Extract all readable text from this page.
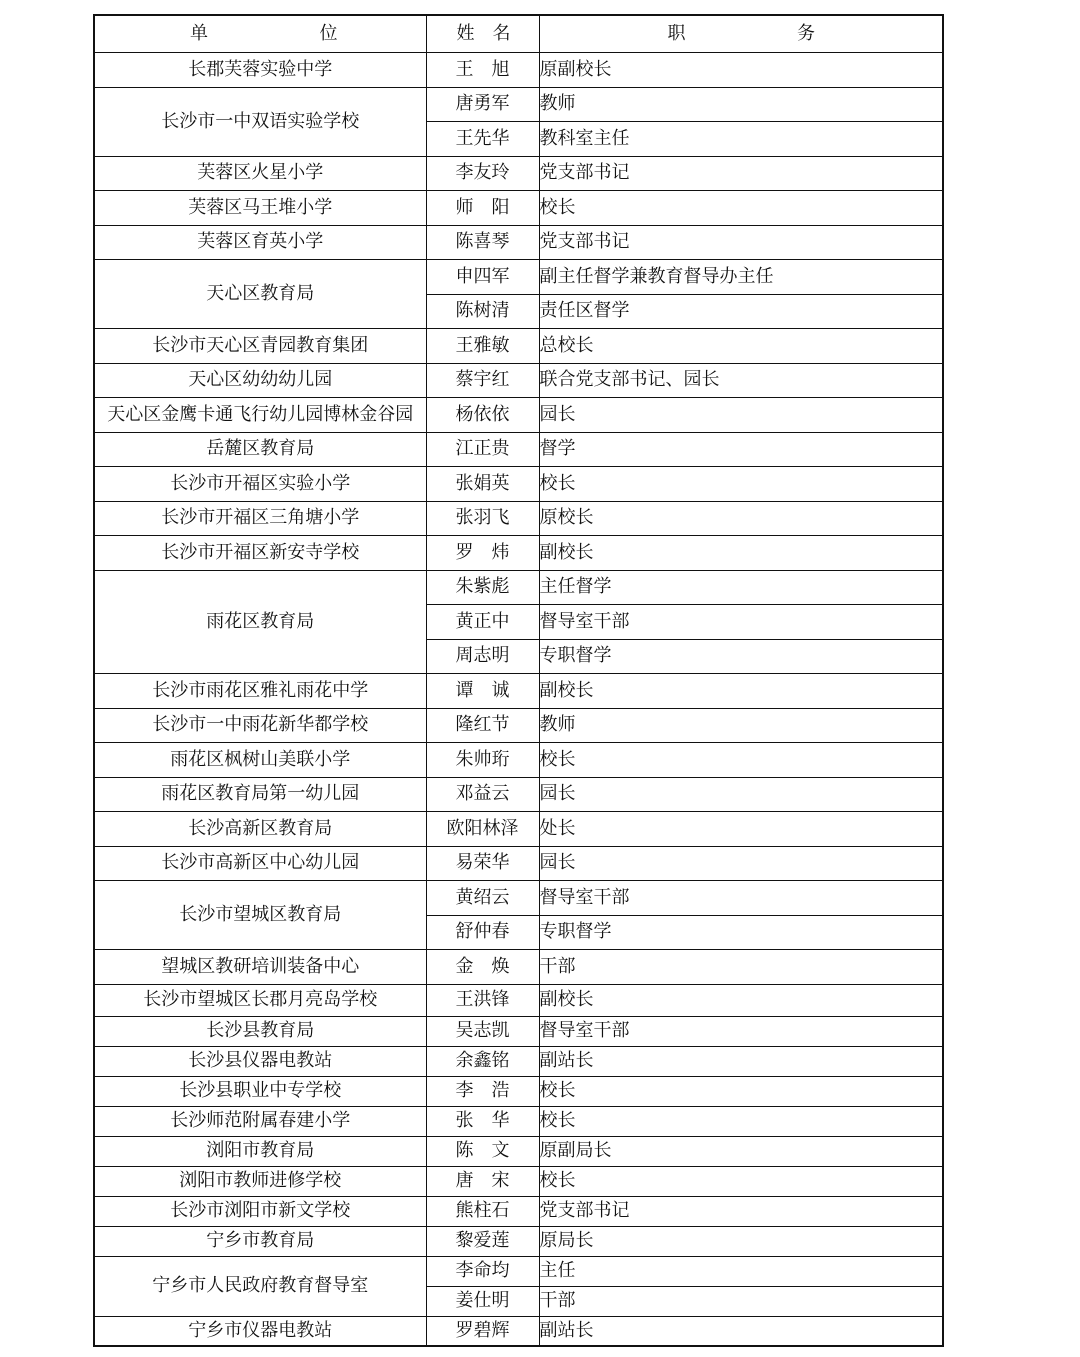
单 位	姓 名	职 务

长郡芙蓉实验中学	王　旭	原副校长
长沙市一中双语实验学校	唐勇军	教师
	王先华	教科室主任
芙蓉区火星小学	李友玲	党支部书记
芙蓉区马王堆小学	师　阳	校长
芙蓉区育英小学	陈喜琴	党支部书记
天心区教育局	申四军	副主任督学兼教育督导办主任
	陈树清	责任区督学
长沙市天心区青园教育集团	王雅敏	总校长
天心区幼幼幼儿园	蔡宇红	联合党支部书记、园长
天心区金鹰卡通飞行幼儿园博林金谷园	杨依依	园长
岳麓区教育局	江正贵	督学
长沙市开福区实验小学	张娟英	校长
长沙市开福区三角塘小学	张羽飞	原校长
长沙市开福区新安寺学校	罗　炜	副校长
雨花区教育局	朱紫彪	主任督学
	黄正中	督导室干部
	周志明	专职督学
长沙市雨花区雅礼雨花中学	谭　诚	副校长
长沙市一中雨花新华都学校	隆红节	教师
雨花区枫树山美联小学	朱帅珩	校长
雨花区教育局第一幼儿园	邓益云	园长
长沙高新区教育局	欧阳林泽	处长
长沙市高新区中心幼儿园	易荣华	园长
长沙市望城区教育局	黄绍云	督导室干部
	舒仲春	专职督学
望城区教研培训装备中心	金　焕	干部
长沙市望城区长郡月亮岛学校	王洪锋	副校长
长沙县教育局	吴志凯	督导室干部
长沙县仪器电教站	余鑫铭	副站长
长沙县职业中专学校	李　浩	校长
长沙师范附属春建小学	张　华	校长
浏阳市教育局	陈　文	原副局长
浏阳市教师进修学校	唐　宋	校长
长沙市浏阳市新文学校	熊柱石	党支部书记
宁乡市教育局	黎爱莲	原局长
宁乡市人民政府教育督导室	李命均	主任
	姜仕明	干部
宁乡市仪器电教站	罗碧辉	副站长
